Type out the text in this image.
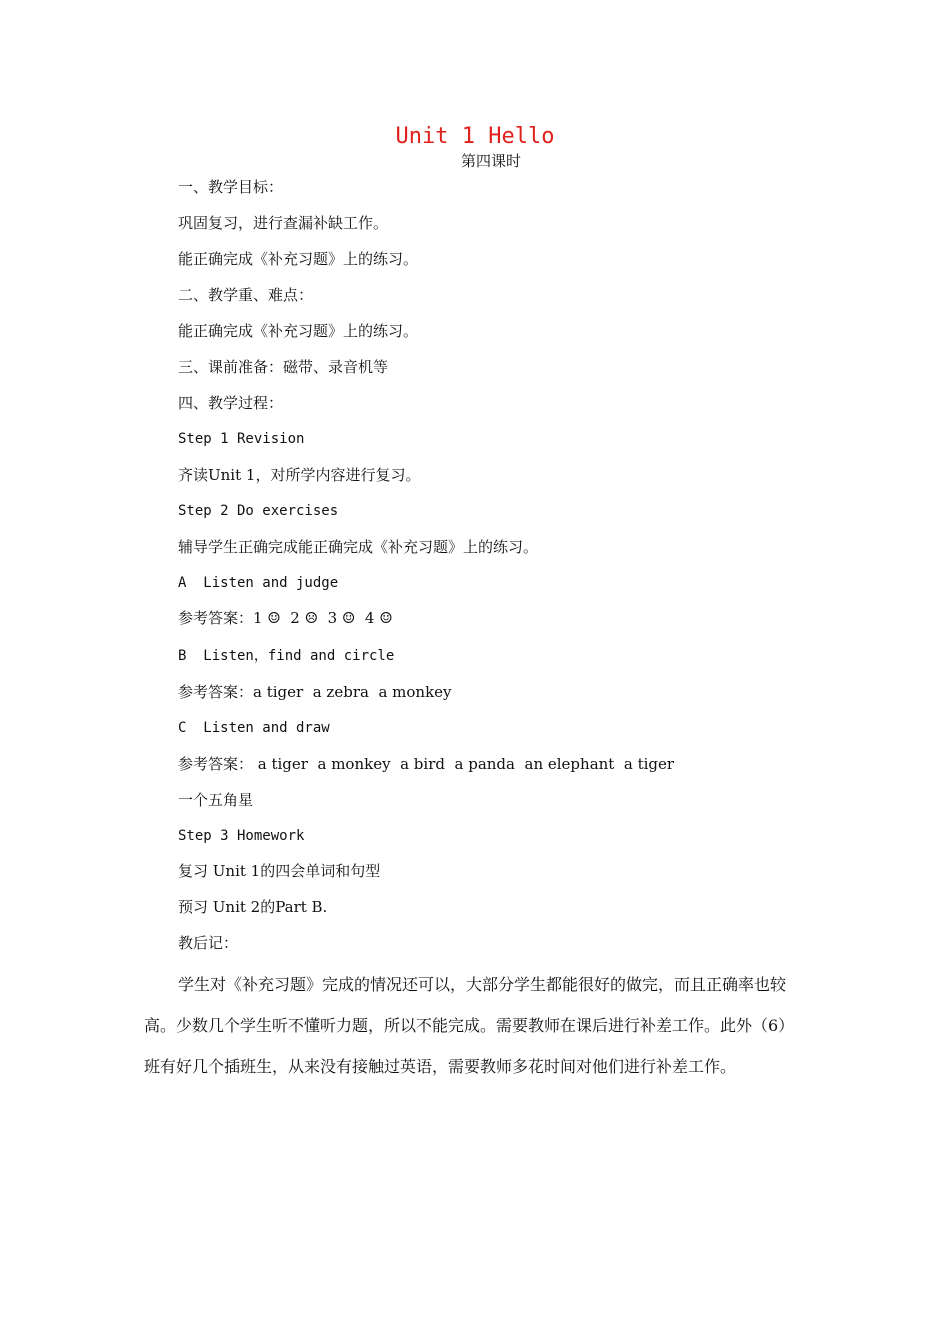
Unit 1 Hello
第四课时
一、教学目标：
巩固复习，进行查漏补缺工作。
能正确完成《补充习题》上的练习。
二、教学重、难点：
能正确完成《补充习题》上的练习。
三、课前准备：磁带、录音机等
四、教学过程：
Step 1 Revision
齐读Unit 1，对所学内容进行复习。
Step 2 Do exercises
辅导学生正确完成能正确完成《补充习题》上的练习。
A  Listen and judge
参考答案：1 ☺  2 ☹  3 ☺  4 ☺
B  Listen，find and circle
参考答案：a tiger  a zebra  a monkey
C  Listen and draw
参考答案： a tiger  a monkey  a bird  a panda  an elephant  a tiger
一个五角星
Step 3 Homework
复习 Unit 1的四会单词和句型
预习 Unit 2的Part B.
教后记：
学生对《补充习题》完成的情况还可以，大部分学生都能很好的做完，而且正确率也较高。少数几个学生听不懂听力题，所以不能完成。需要教师在课后进行补差工作。此外（6）班有好几个插班生，从来没有接触过英语，需要教师多花时间对他们进行补差工作。
